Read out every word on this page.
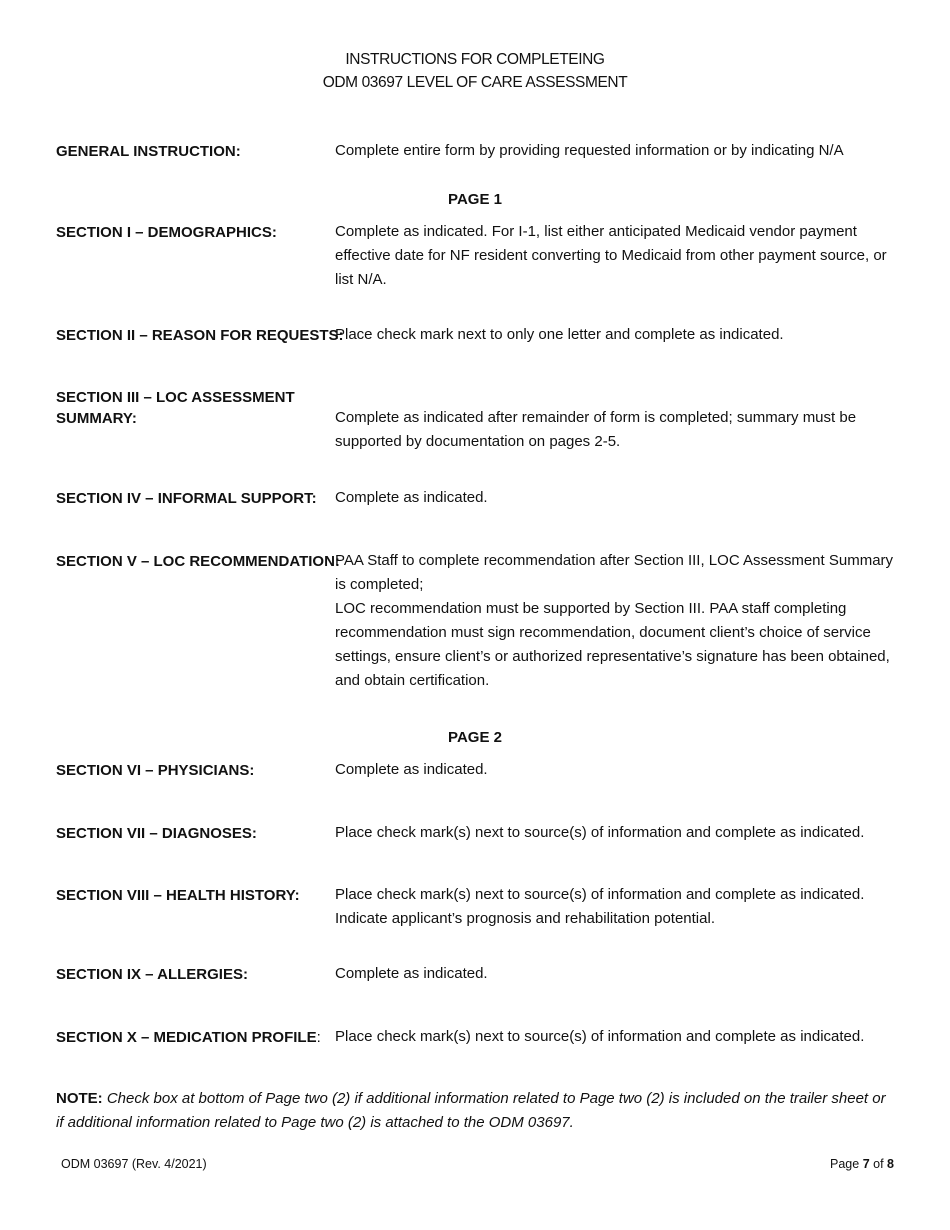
INSTRUCTIONS FOR COMPLETEING
ODM 03697 LEVEL OF CARE ASSESSMENT
GENERAL INSTRUCTION:	Complete entire form by providing requested information or by indicating N/A
PAGE 1
SECTION I – DEMOGRAPHICS:	Complete as indicated. For I-1, list either anticipated Medicaid vendor payment effective date for NF resident converting to Medicaid from other payment source, or list N/A.
SECTION II – REASON FOR REQUESTS:
Place check mark next to only one letter and complete as indicated.
SECTION III – LOC ASSESSMENT
SUMMARY:	Complete as indicated after remainder of form is completed; summary must be supported by documentation on pages 2-5.
SECTION IV – INFORMAL SUPPORT: Complete as indicated.
SECTION V – LOC RECOMMENDATION:
PAA Staff to complete recommendation after Section III, LOC Assessment Summary is completed;
LOC recommendation must be supported by Section III. PAA staff completing recommendation must sign recommendation, document client’s choice of service settings, ensure client’s or authorized representative’s signature has been obtained, and obtain certification.
PAGE 2
SECTION VI – PHYSICIANS:	Complete as indicated.
SECTION VII – DIAGNOSES:	Place check mark(s) next to source(s) of information and complete as indicated.
SECTION VIII – HEALTH HISTORY: Place check mark(s) next to source(s) of information and complete as indicated.
Indicate applicant’s prognosis and rehabilitation potential.
SECTION IX – ALLERGIES:	Complete as indicated.
SECTION X – MEDICATION PROFILE: Place check mark(s) next to source(s) of information and complete as indicated.
NOTE: Check box at bottom of Page two (2) if additional information related to Page two (2) is included on the trailer sheet or if additional information related to Page two (2) is attached to the ODM 03697.
ODM 03697 (Rev. 4/2021)	Page 7 of 8
